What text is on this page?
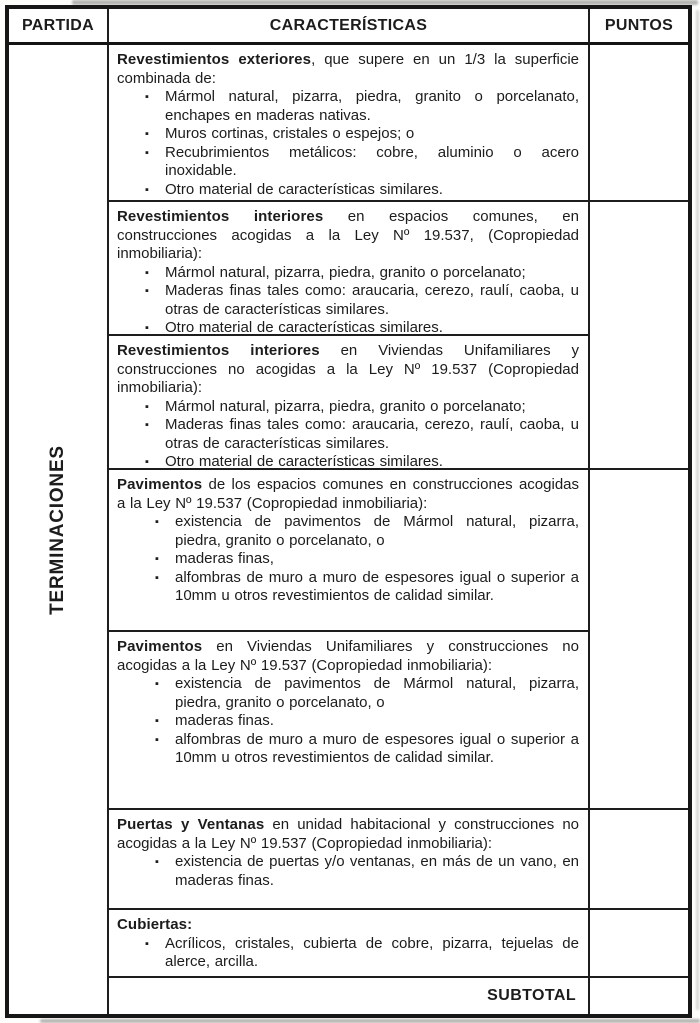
PARTIDA	CARACTERÍSTICAS	PUNTOS
TERMINACIONES

Revestimientos exteriores, que supere en un 1/3 la superficie combinada de:

▪ Mármol natural, pizarra, piedra, granito o porcelanato, enchapes en maderas nativas.
▪ Muros cortinas, cristales o espejos; o
▪ Recubrimientos metálicos: cobre, aluminio o acero inoxidable.
▪ Otro material de características similares.

Revestimientos interiores en espacios comunes, en construcciones acogidas a la Ley Nº 19.537, (Copropiedad inmobiliaria):

▪ Mármol natural, pizarra, piedra, granito o porcelanato;
▪ Maderas finas tales como: araucaria, cerezo, raulí, caoba, u otras de características similares.
▪ Otro material de características similares.

Revestimientos interiores en Viviendas Unifamiliares y construcciones no acogidas a la Ley Nº 19.537 (Copropiedad inmobiliaria):

▪ Mármol natural, pizarra, piedra, granito o porcelanato;
▪ Maderas finas tales como: araucaria, cerezo, raulí, caoba, u otras de características similares.
▪ Otro material de características similares.

Pavimentos de los espacios comunes en construcciones acogidas a la Ley Nº 19.537 (Copropiedad inmobiliaria):

▪ existencia de pavimentos de Mármol natural, pizarra, piedra, granito o porcelanato, o
▪ maderas finas,
▪ alfombras de muro a muro de espesores igual o superior a 10mm u otros revestimientos de calidad similar.

Pavimentos en Viviendas Unifamiliares y construcciones no acogidas a la Ley Nº 19.537 (Copropiedad inmobiliaria):

▪ existencia de pavimentos de Mármol natural, pizarra, piedra, granito o porcelanato, o
▪ maderas finas.
▪ alfombras de muro a muro de espesores igual o superior a 10mm u otros revestimientos de calidad similar.

Puertas y Ventanas en unidad habitacional y construcciones no acogidas a la Ley Nº 19.537 (Copropiedad inmobiliaria):

▪ existencia de puertas y/o ventanas, en más de un vano, en maderas finas.

Cubiertas:

▪ Acrílicos, cristales, cubierta de cobre, pizarra, tejuelas de alerce, arcilla.
SUBTOTAL
